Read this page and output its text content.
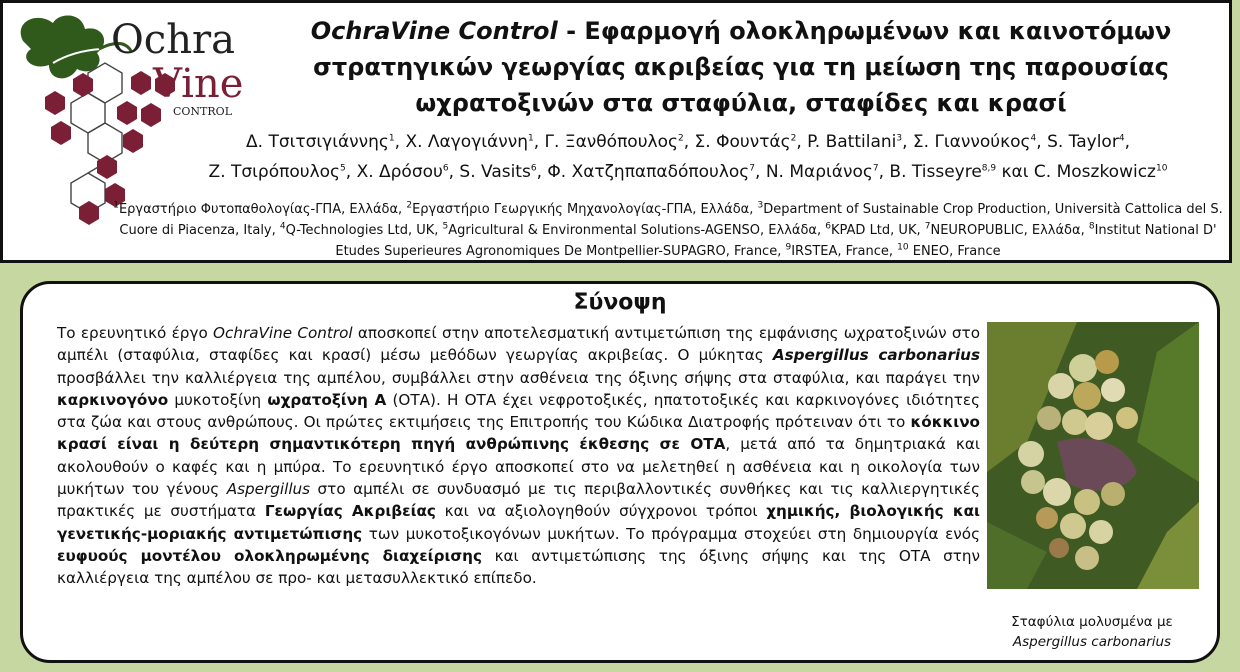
Ochra
Vine
CONTROL
OchraVine Control - Εφαρμογή ολοκληρωμένων και καινοτόμων στρατηγικών γεωργίας ακριβείας για τη μείωση της παρουσίας ωχρατοξινών στα σταφύλια, σταφίδες και κρασί
Δ. Τσιτσιγιάννης$^1$, Χ. Λαγογιάννη$^1$, Γ. Ξανθόπουλος$^2$, Σ. Φουντάς$^2$, P. Battilani$^3$, Σ. Γιαννούκος$^4$, S. Taylor$^4$,
Ζ. Τσιρόπουλος$^5$, Χ. Δρόσου$^6$, S. Vasits$^6$, Φ. Χατζηπαπαδόπουλος$^7$, N. Μαριάνος$^7$, B. Tisseyre$^{8,9}$ και C. Moszkowicz$^{10}$
$^1$Εργαστήριο Φυτοπαθολογίας-ΓΠΑ, Ελλάδα, $^2$Εργαστήριο Γεωργικής Μηχανολογίας-ΓΠΑ, Ελλάδα, $^3$Department of Sustainable Crop Production, Università Cattolica del S. Cuore di Piacenza, Italy, $^4$Q-Technologies Ltd, UK, $^5$Agricultural & Environmental Solutions-AGENSO, Ελλάδα, $^6$KPAD Ltd, UK, $^7$NEUROPUBLIC, Ελλάδα, $^8$Institut National D' Etudes Superieures Agronomiques De Montpellier-SUPAGRO, France, $^9$IRSTEA, France, $^{10}$ ENEO, France
Σύνοψη
Το ερευνητικό έργο OchraVine Control αποσκοπεί στην αποτελεσματική αντιμετώπιση της εμφάνισης ωχρατοξινών στο αμπέλι (σταφύλια, σταφίδες και κρασί) μέσω μεθόδων γεωργίας ακριβείας. Ο μύκητας Aspergillus carbonarius προσβάλλει την καλλιέργεια της αμπέλου, συμβάλλει στην ασθένεια της όξινης σήψης στα σταφύλια, και παράγει την καρκινογόνο μυκοτοξίνη ωχρατοξίνη Α (ΟΤΑ). Η ΟΤΑ έχει νεφροτοξικές, ηπατοτοξικές και καρκινογόνες ιδιότητες στα ζώα και στους ανθρώπους. Οι πρώτες εκτιμήσεις της Επιτροπής του Κώδικα Διατροφής πρότειναν ότι το κόκκινο κρασί είναι η δεύτερη σημαντικότερη πηγή ανθρώπινης έκθεσης σε ΟΤΑ, μετά από τα δημητριακά και ακολουθούν ο καφές και η μπύρα. Το ερευνητικό έργο αποσκοπεί στο να μελετηθεί η ασθένεια και η οικολογία των μυκήτων του γένους Aspergillus στο αμπέλι σε συνδυασμό με τις περιβαλλοντικές συνθήκες και τις καλλιεργητικές πρακτικές με συστήματα Γεωργίας Ακριβείας και να αξιολογηθούν σύγχρονοι τρόποι χημικής, βιολογικής και γενετικής-μοριακής αντιμετώπισης των μυκοτοξικογόνων μυκήτων. Το πρόγραμμα στοχεύει στη δημιουργία ενός ευφυούς μοντέλου ολοκληρωμένης διαχείρισης και αντιμετώπισης της όξινης σήψης και της ΟΤΑ στην καλλιέργεια της αμπέλου σε προ- και μετασυλλεκτικό επίπεδο.
Σταφύλια μολυσμένα με
Aspergillus carbonarius
